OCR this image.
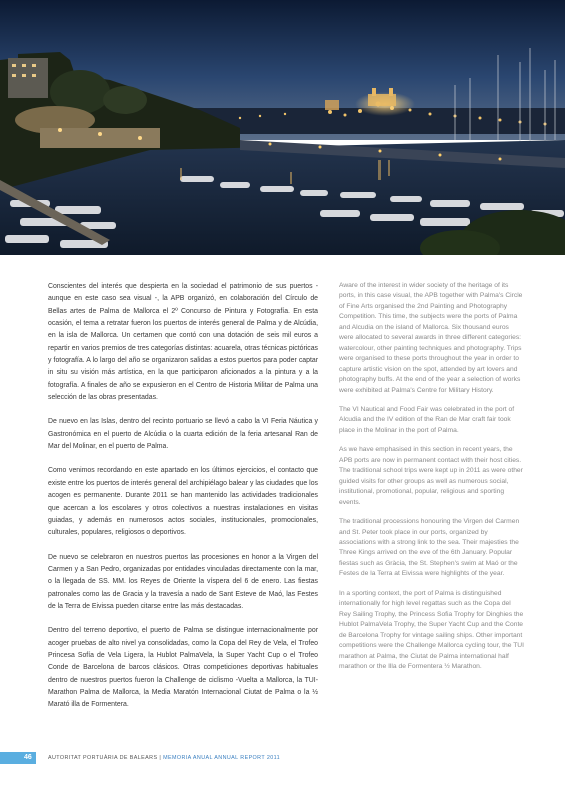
Conscientes del interés que despierta en la sociedad el patrimonio de sus puertos - aunque en este caso sea visual -, la APB organizó, en colaboración del Círculo de Bellas artes de Palma de Mallorca el 2º Concurso de Pintura y Fotografía. En esta ocasión, el tema a retratar fueron los puertos de interés general de Palma y de Alcúdia, en la isla de Mallorca. Un certamen que contó con una dotación de seis mil euros a repartir en varios premios de tres categorías distintas: acuarela, otras técnicas pictóricas y fotografía. A lo largo del año se organizaron salidas a estos puertos para poder captar in situ su visión más artística, en la que participaron aficionados a la pintura y a la fotografía. A finales de año se expusieron en el Centro de Historia Militar de Palma una selección de las obras presentadas.

De nuevo en las Islas, dentro del recinto portuario se llevó a cabo la VI Feria Náutica y Gastronómica en el puerto de Alcúdia o la cuarta edición de la feria artesanal Ran de Mar del Molinar, en el puerto de Palma.

Como venimos recordando en este apartado en los últimos ejercicios, el contacto que existe entre los puertos de interés general del archipiélago balear y las ciudades que los acogen es permanente. Durante 2011 se han mantenido las actividades tradicionales que acercan a los escolares y otros colectivos a nuestras instalaciones en visitas guiadas, y además en numerosos actos sociales, institucionales, promocionales, culturales, populares, religiosos o deportivos.

De nuevo se celebraron en nuestros puertos las procesiones en honor a la Virgen del Carmen y a San Pedro, organizadas por entidades vinculadas directamente con la mar, o la llegada de SS. MM. los Reyes de Oriente la víspera del 6 de enero. Las fiestas patronales como las de Gracia y la travesía a nado de Sant Esteve de Maó, las Festes de la Terra de Eivissa pueden citarse entre las más destacadas.

Dentro del terreno deportivo, el puerto de Palma se distingue internacionalmente por acoger pruebas de alto nivel ya consolidadas, como la Copa del Rey de Vela, el Trofeo Princesa Sofía de Vela Ligera, la Hublot PalmaVela, la Super Yacht Cup o el Trofeo Conde de Barcelona de barcos clásicos. Otras competiciones deportivas habituales dentro de nuestros puertos fueron la Challenge de ciclismo -Vuelta a Mallorca, la TUI-Marathon Palma de Mallorca, la Media Maratón Internacional Ciutat de Palma o la ½ Marató illa de Formentera.

Aware of the interest in wider society of the heritage of its ports, in this case visual, the APB together with Palma's Circle of Fine Arts organised the 2nd Painting and Photography Competition. This time, the subjects were the ports of Palma and Alcudia on the island of Mallorca. Six thousand euros were allocated to several awards in three different categories: watercolour, other painting techniques and photography. Trips were organised to these ports throughout the year in order to capture artistic vision on the spot, attended by art lovers and photography buffs. At the end of the year a selection of works were exhibited at Palma's Centre for Military History.

The VI Nautical and Food Fair was celebrated in the port of Alcudia and the IV edition of the Ran de Mar craft fair took place in the Molinar in the port of Palma.

As we have emphasised in this section in recent years, the APB ports are now in permanent contact with their host cities. The traditional school trips were kept up in 2011 as were other guided visits for other groups as well as numerous social, institutional, promotional, popular, religious and sporting events.

The traditional processions honouring the Virgen del Carmen and St. Peter took place in our ports, organized by associations with a strong link to the sea. Their majesties the Three Kings arrived on the eve of the 6th January. Popular fiestas such as Gràcia, the St. Stephen's swim at Maó or the Festes de la Terra at Eivissa were highlights of the year.

In a sporting context, the port of Palma is distinguished internationally for high level regattas such as the Copa del Rey Sailing Trophy, the Princess Sofia Trophy for Dinghies the Hublot PalmaVela Trophy, the Super Yacht Cup and the Conte de Barcelona Trophy for vintage sailing ships. Other important competitions were the Challenge Mallorca cycling tour, the TUI marathon at Palma, the Ciutat de Palma international half marathon or the Illa de Formentera ½ Marathon.

46	AUTORITAT PORTUÀRIA DE BALEARS | MEMORIA ANUAL ANNUAL REPORT 2011
